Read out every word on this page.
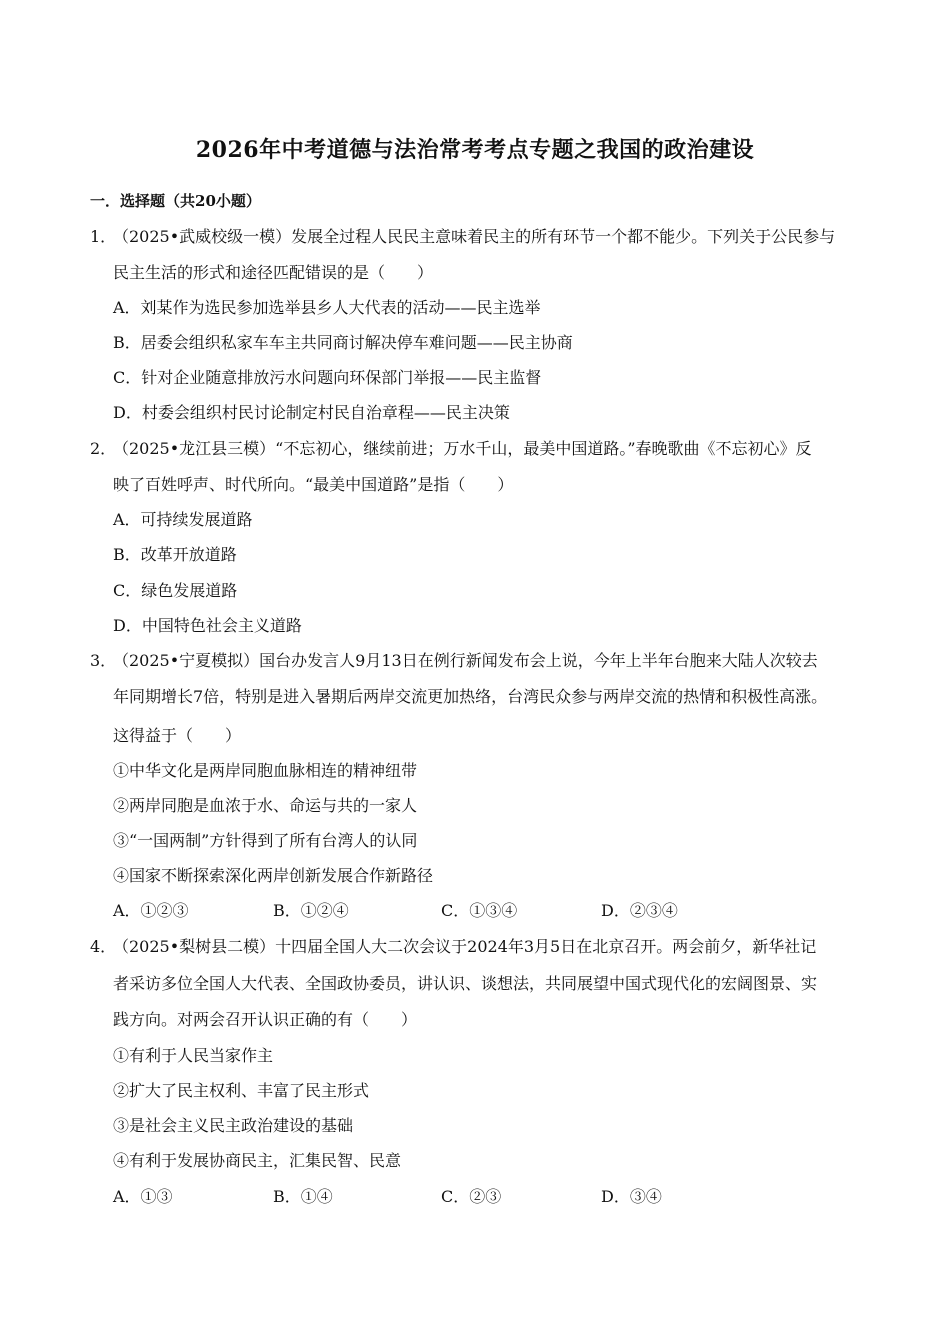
2026年中考道德与法治常考考点专题之我国的政治建设
一．选择题（共20小题）
1．
（2025•武威校级一模）发展全过程人民民主意味着民主的所有环节一个都不能少。下列关于公民参与
民主生活的形式和途径匹配错误的是（　　）
A．刘某作为选民参加选举县乡人大代表的活动——民主选举
B．居委会组织私家车车主共同商讨解决停车难问题——民主协商
C．针对企业随意排放污水问题向环保部门举报——民主监督
D．村委会组织村民讨论制定村民自治章程——民主决策
2．
（2025•龙江县三模）“不忘初心，继续前进；万水千山，最美中国道路。”春晚歌曲《不忘初心》反
映了百姓呼声、时代所向。“最美中国道路”是指（　　）
A．可持续发展道路
B．改革开放道路
C．绿色发展道路
D．中国特色社会主义道路
3．
（2025•宁夏模拟）国台办发言人9月13日在例行新闻发布会上说，今年上半年台胞来大陆人次较去
年同期增长7倍，特别是进入暑期后两岸交流更加热络，台湾民众参与两岸交流的热情和积极性高涨。
这得益于（　　）
①中华文化是两岸同胞血脉相连的精神纽带
②两岸同胞是血浓于水、命运与共的一家人
③“一国两制”方针得到了所有台湾人的认同
④国家不断探索深化两岸创新发展合作新路径
A．①②③	B．①②④	C．①③④	D．②③④
4．
（2025•梨树县二模）十四届全国人大二次会议于2024年3月5日在北京召开。两会前夕，新华社记
者采访多位全国人大代表、全国政协委员，讲认识、谈想法，共同展望中国式现代化的宏阔图景、实
践方向。对两会召开认识正确的有（　　）
①有利于人民当家作主
②扩大了民主权利、丰富了民主形式
③是社会主义民主政治建设的基础
④有利于发展协商民主，汇集民智、民意
A．①③	B．①④	C．②③	D．③④
